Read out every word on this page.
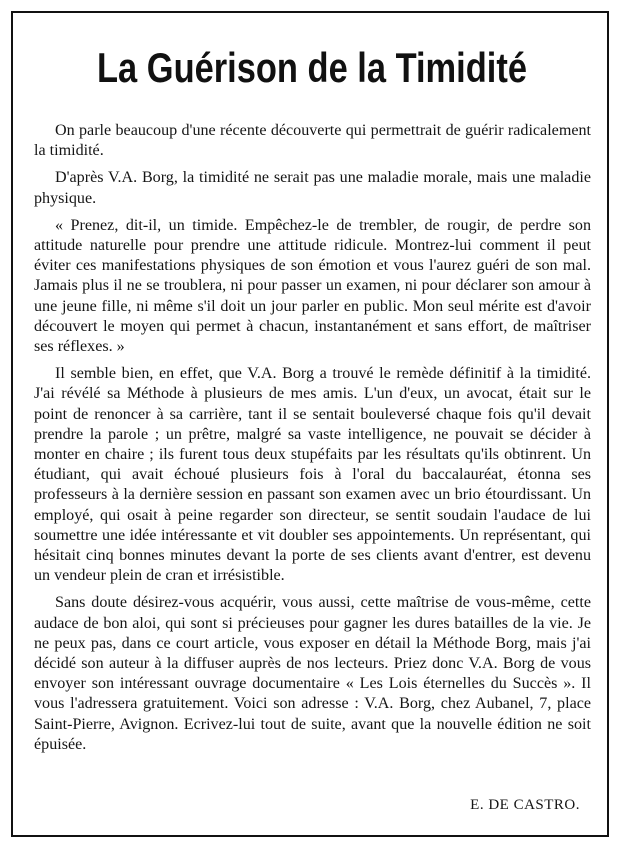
La Guérison de la Timidité

On parle beaucoup d'une récente découverte qui permettrait de guérir radicalement la timidité.

D'après V.A. Borg, la timidité ne serait pas une maladie morale, mais une maladie physique.

« Prenez, dit-il, un timide. Empêchez-le de trembler, de rougir, de perdre son attitude naturelle pour prendre une attitude ridicule. Montrez-lui comment il peut éviter ces manifestations physiques de son émotion et vous l'aurez guéri de son mal. Jamais plus il ne se troublera, ni pour passer un examen, ni pour déclarer son amour à une jeune fille, ni même s'il doit un jour parler en public. Mon seul mérite est d'avoir découvert le moyen qui permet à chacun, instantanément et sans effort, de maîtriser ses réflexes. »

Il semble bien, en effet, que V.A. Borg a trouvé le remède définitif à la timidité. J'ai révélé sa Méthode à plusieurs de mes amis. L'un d'eux, un avocat, était sur le point de renoncer à sa carrière, tant il se sentait bouleversé chaque fois qu'il devait prendre la parole ; un prêtre, malgré sa vaste intelligence, ne pouvait se décider à monter en chaire ; ils furent tous deux stupéfaits par les résultats qu'ils obtinrent. Un étudiant, qui avait échoué plusieurs fois à l'oral du baccalauréat, étonna ses professeurs à la dernière session en passant son examen avec un brio étourdissant. Un employé, qui osait à peine regarder son directeur, se sentit soudain l'audace de lui soumettre une idée intéressante et vit doubler ses appointements. Un représentant, qui hésitait cinq bonnes minutes devant la porte de ses clients avant d'entrer, est devenu un vendeur plein de cran et irrésistible.

Sans doute désirez-vous acquérir, vous aussi, cette maîtrise de vous-même, cette audace de bon aloi, qui sont si précieuses pour gagner les dures batailles de la vie. Je ne peux pas, dans ce court article, vous exposer en détail la Méthode Borg, mais j'ai décidé son auteur à la diffuser auprès de nos lecteurs. Priez donc V.A. Borg de vous envoyer son intéressant ouvrage documentaire « Les Lois éternelles du Succès ». Il vous l'adressera gratuitement. Voici son adresse : V.A. Borg, chez Aubanel, 7, place Saint-Pierre, Avignon. Ecrivez-lui tout de suite, avant que la nouvelle édition ne soit épuisée.

E. DE CASTRO.
